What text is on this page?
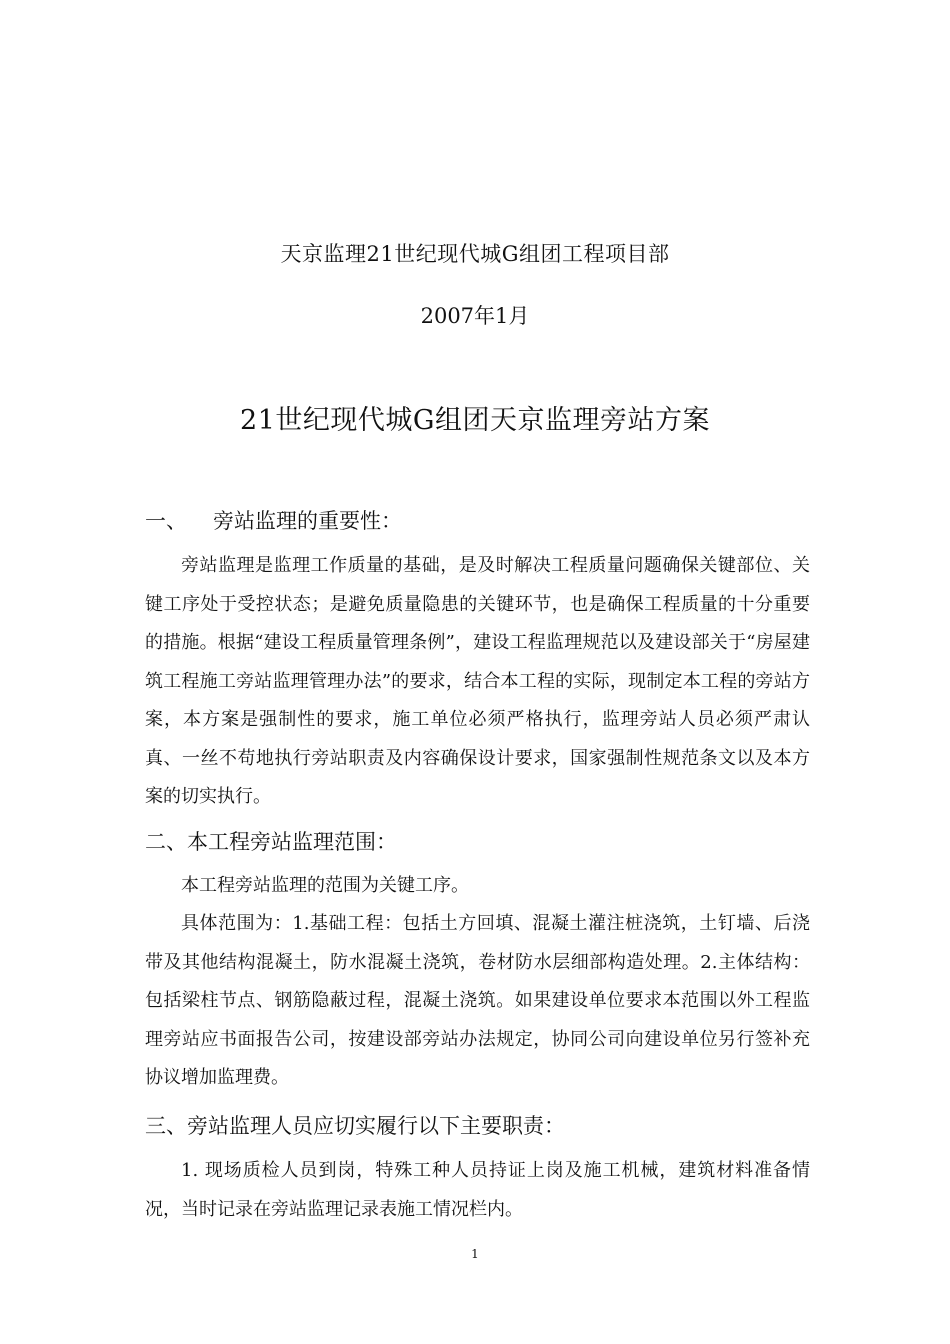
天京监理21世纪现代城G组团工程项目部
2007年1月
21世纪现代城G组团天京监理旁站方案
一、 旁站监理的重要性：

旁站监理是监理工作质量的基础，是及时解决工程质量问题确保关键部位、关键工序处于受控状态；是避免质量隐患的关键环节，也是确保工程质量的十分重要的措施。根据“建设工程质量管理条例”，建设工程监理规范以及建设部关于“房屋建筑工程施工旁站监理管理办法”的要求，结合本工程的实际，现制定本工程的旁站方案，本方案是强制性的要求，施工单位必须严格执行，监理旁站人员必须严肃认真、一丝不苟地执行旁站职责及内容确保设计要求，国家强制性规范条文以及本方案的切实执行。

二、本工程旁站监理范围：

本工程旁站监理的范围为关键工序。

具体范围为：1.基础工程：包括土方回填、混凝土灌注桩浇筑，土钉墙、后浇带及其他结构混凝土，防水混凝土浇筑，卷材防水层细部构造处理。2.主体结构：包括梁柱节点、钢筋隐蔽过程，混凝土浇筑。如果建设单位要求本范围以外工程监理旁站应书面报告公司，按建设部旁站办法规定，协同公司向建设单位另行签补充协议增加监理费。

三、旁站监理人员应切实履行以下主要职责：

1. 现场质检人员到岗，特殊工种人员持证上岗及施工机械，建筑材料准备情况，当时记录在旁站监理记录表施工情况栏内。

1
